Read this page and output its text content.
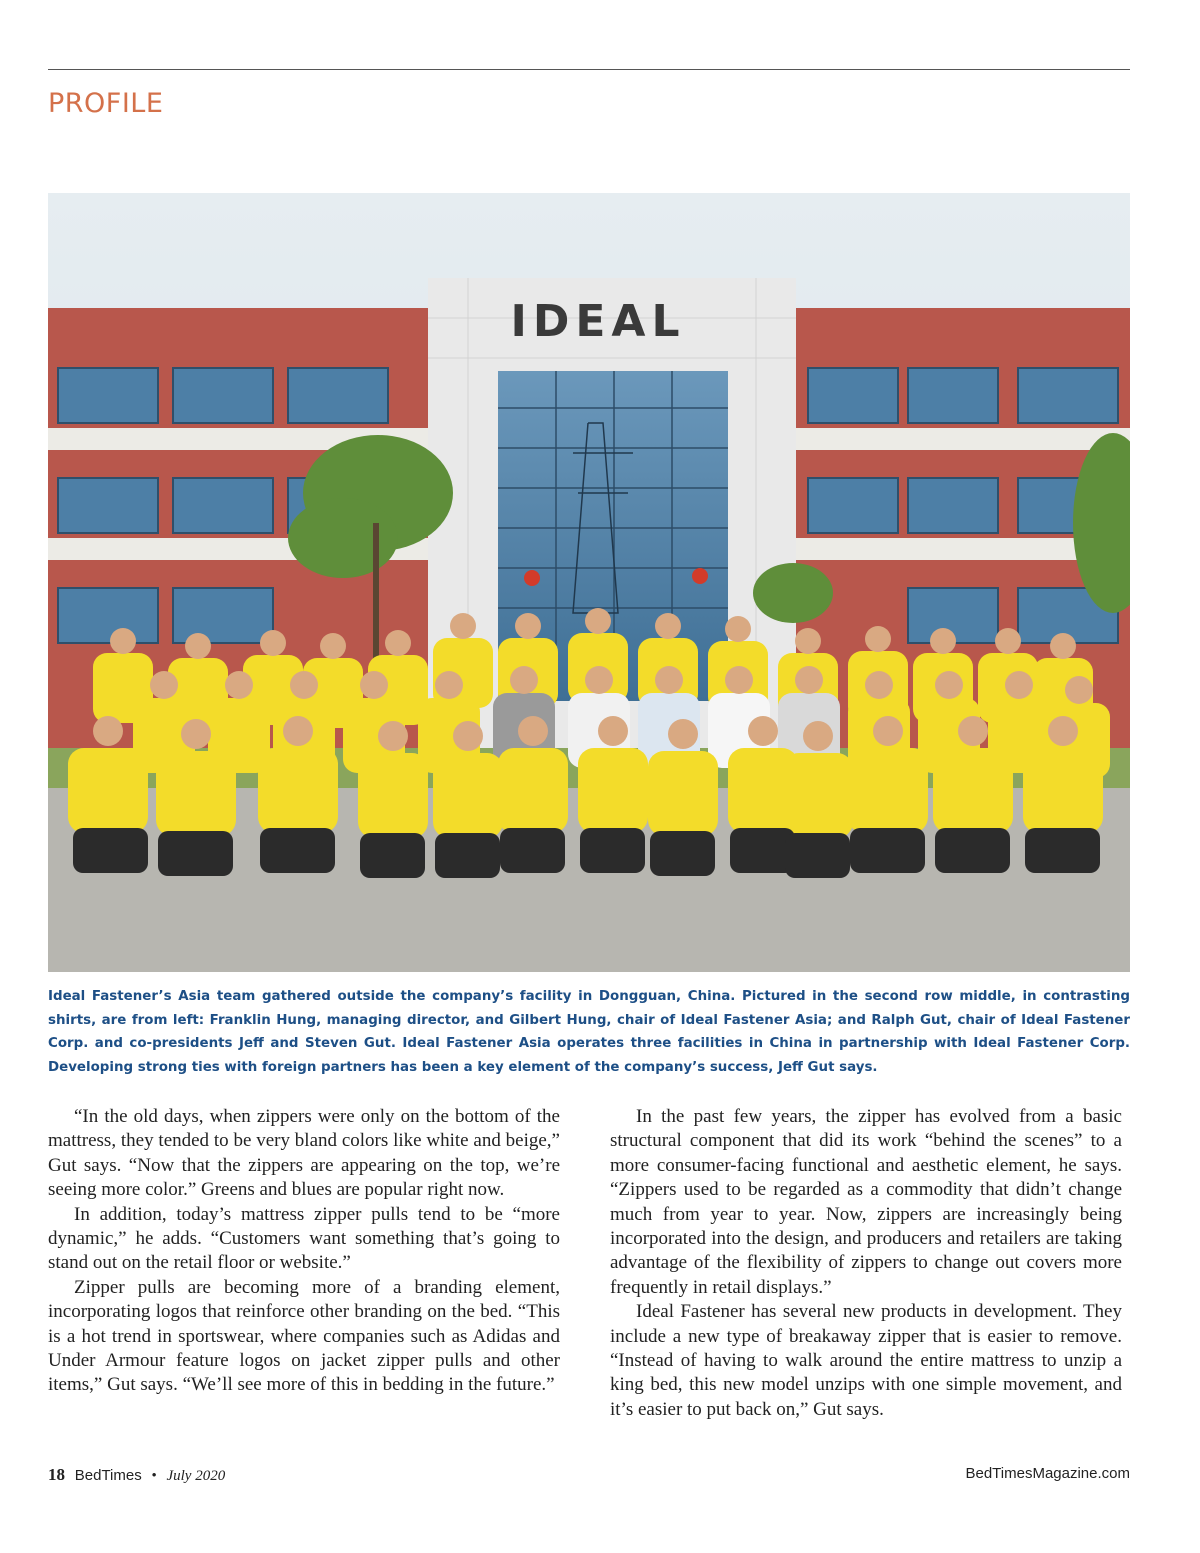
PROFILE
IDEAL
Ideal Fastener’s Asia team gathered outside the company’s facility in Dongguan, China. Pictured in the second row middle, in contrasting shirts, are from left: Franklin Hung, managing director, and Gilbert Hung, chair of Ideal Fastener Asia; and Ralph Gut, chair of Ideal Fastener Corp. and co-presidents Jeff and Steven Gut. Ideal Fastener Asia operates three facilities in China in partnership with Ideal Fastener Corp. Developing strong ties with foreign partners has been a key element of the company’s success, Jeff Gut says.

“In the old days, when zippers were only on the bottom of the mattress, they tended to be very bland colors like white and beige,” Gut says. “Now that the zippers are appearing on the top, we’re seeing more color.” Greens and blues are popular right now.

In addition, today’s mattress zipper pulls tend to be “more dynamic,” he adds. “Customers want something that’s going to stand out on the retail floor or website.”

Zipper pulls are becoming more of a branding element, incorporating logos that reinforce other branding on the bed. “This is a hot trend in sportswear, where companies such as Adidas and Under Armour feature logos on jacket zipper pulls and other items,” Gut says. “We’ll see more of this in bedding in the future.”

In the past few years, the zipper has evolved from a basic structural component that did its work “behind the scenes” to a more consumer-facing functional and aesthetic element, he says. “Zippers used to be regarded as a commodity that didn’t change much from year to year. Now, zippers are increasingly being incorporated into the design, and producers and retailers are taking advantage of the flexibility of zippers to change out covers more frequently in retail displays.”

Ideal Fastener has several new products in development. They include a new type of breakaway zipper that is easier to remove. “Instead of having to walk around the entire mattress to unzip a king bed, this new model unzips with one simple movement, and it’s easier to put back on,” Gut says.

18 BedTimes • July 2020	BedTimesMagazine.com
